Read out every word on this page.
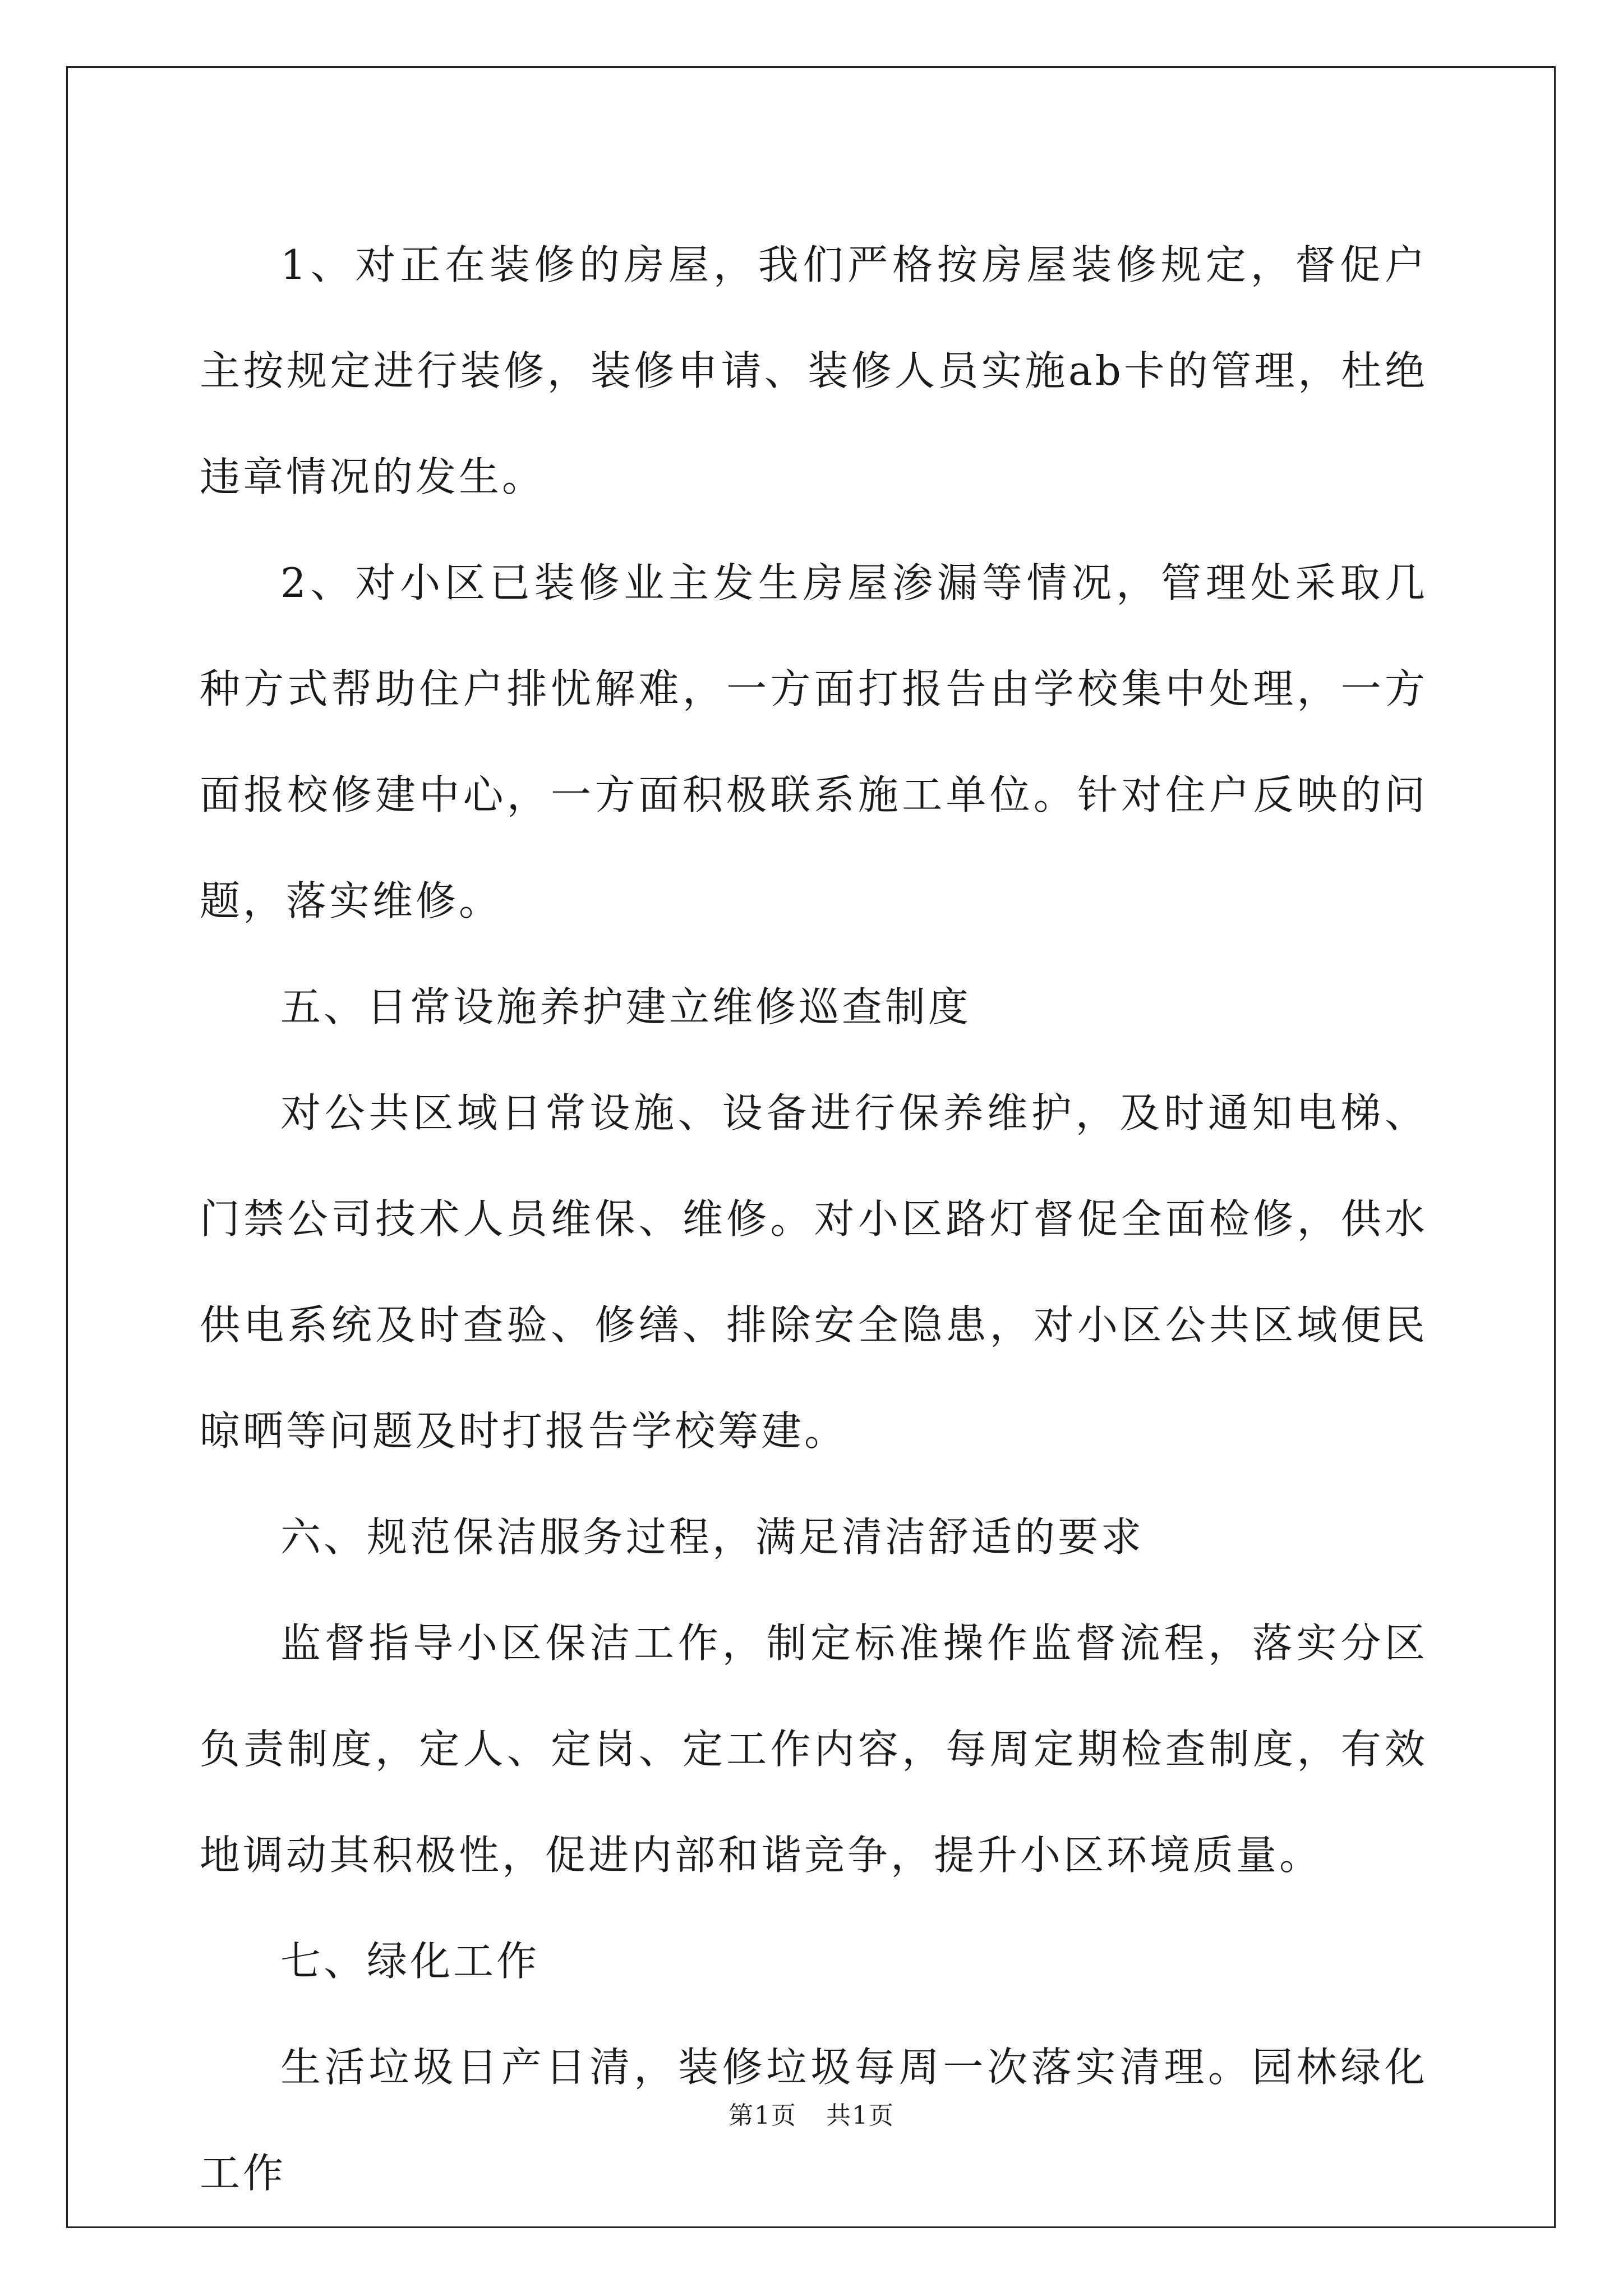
1、对正在装修的房屋，我们严格按房屋装修规定，督促户主按规定进行装修，装修申请、装修人员实施ab卡的管理，杜绝违章情况的发生。

2、对小区已装修业主发生房屋渗漏等情况，管理处采取几种方式帮助住户排忧解难，一方面打报告由学校集中处理，一方面报校修建中心，一方面积极联系施工单位。针对住户反映的问题，落实维修。

五、日常设施养护建立维修巡查制度

对公共区域日常设施、设备进行保养维护，及时通知电梯、门禁公司技术人员维保、维修。对小区路灯督促全面检修，供水供电系统及时查验、修缮、排除安全隐患，对小区公共区域便民晾晒等问题及时打报告学校筹建。

六、规范保洁服务过程，满足清洁舒适的要求

监督指导小区保洁工作，制定标准操作监督流程，落实分区负责制度，定人、定岗、定工作内容，每周定期检查制度，有效地调动其积极性，促进内部和谐竞争，提升小区环境质量。

七、绿化工作

生活垃圾日产日清，装修垃圾每周一次落实清理。园林绿化工作

第1页 共1页
